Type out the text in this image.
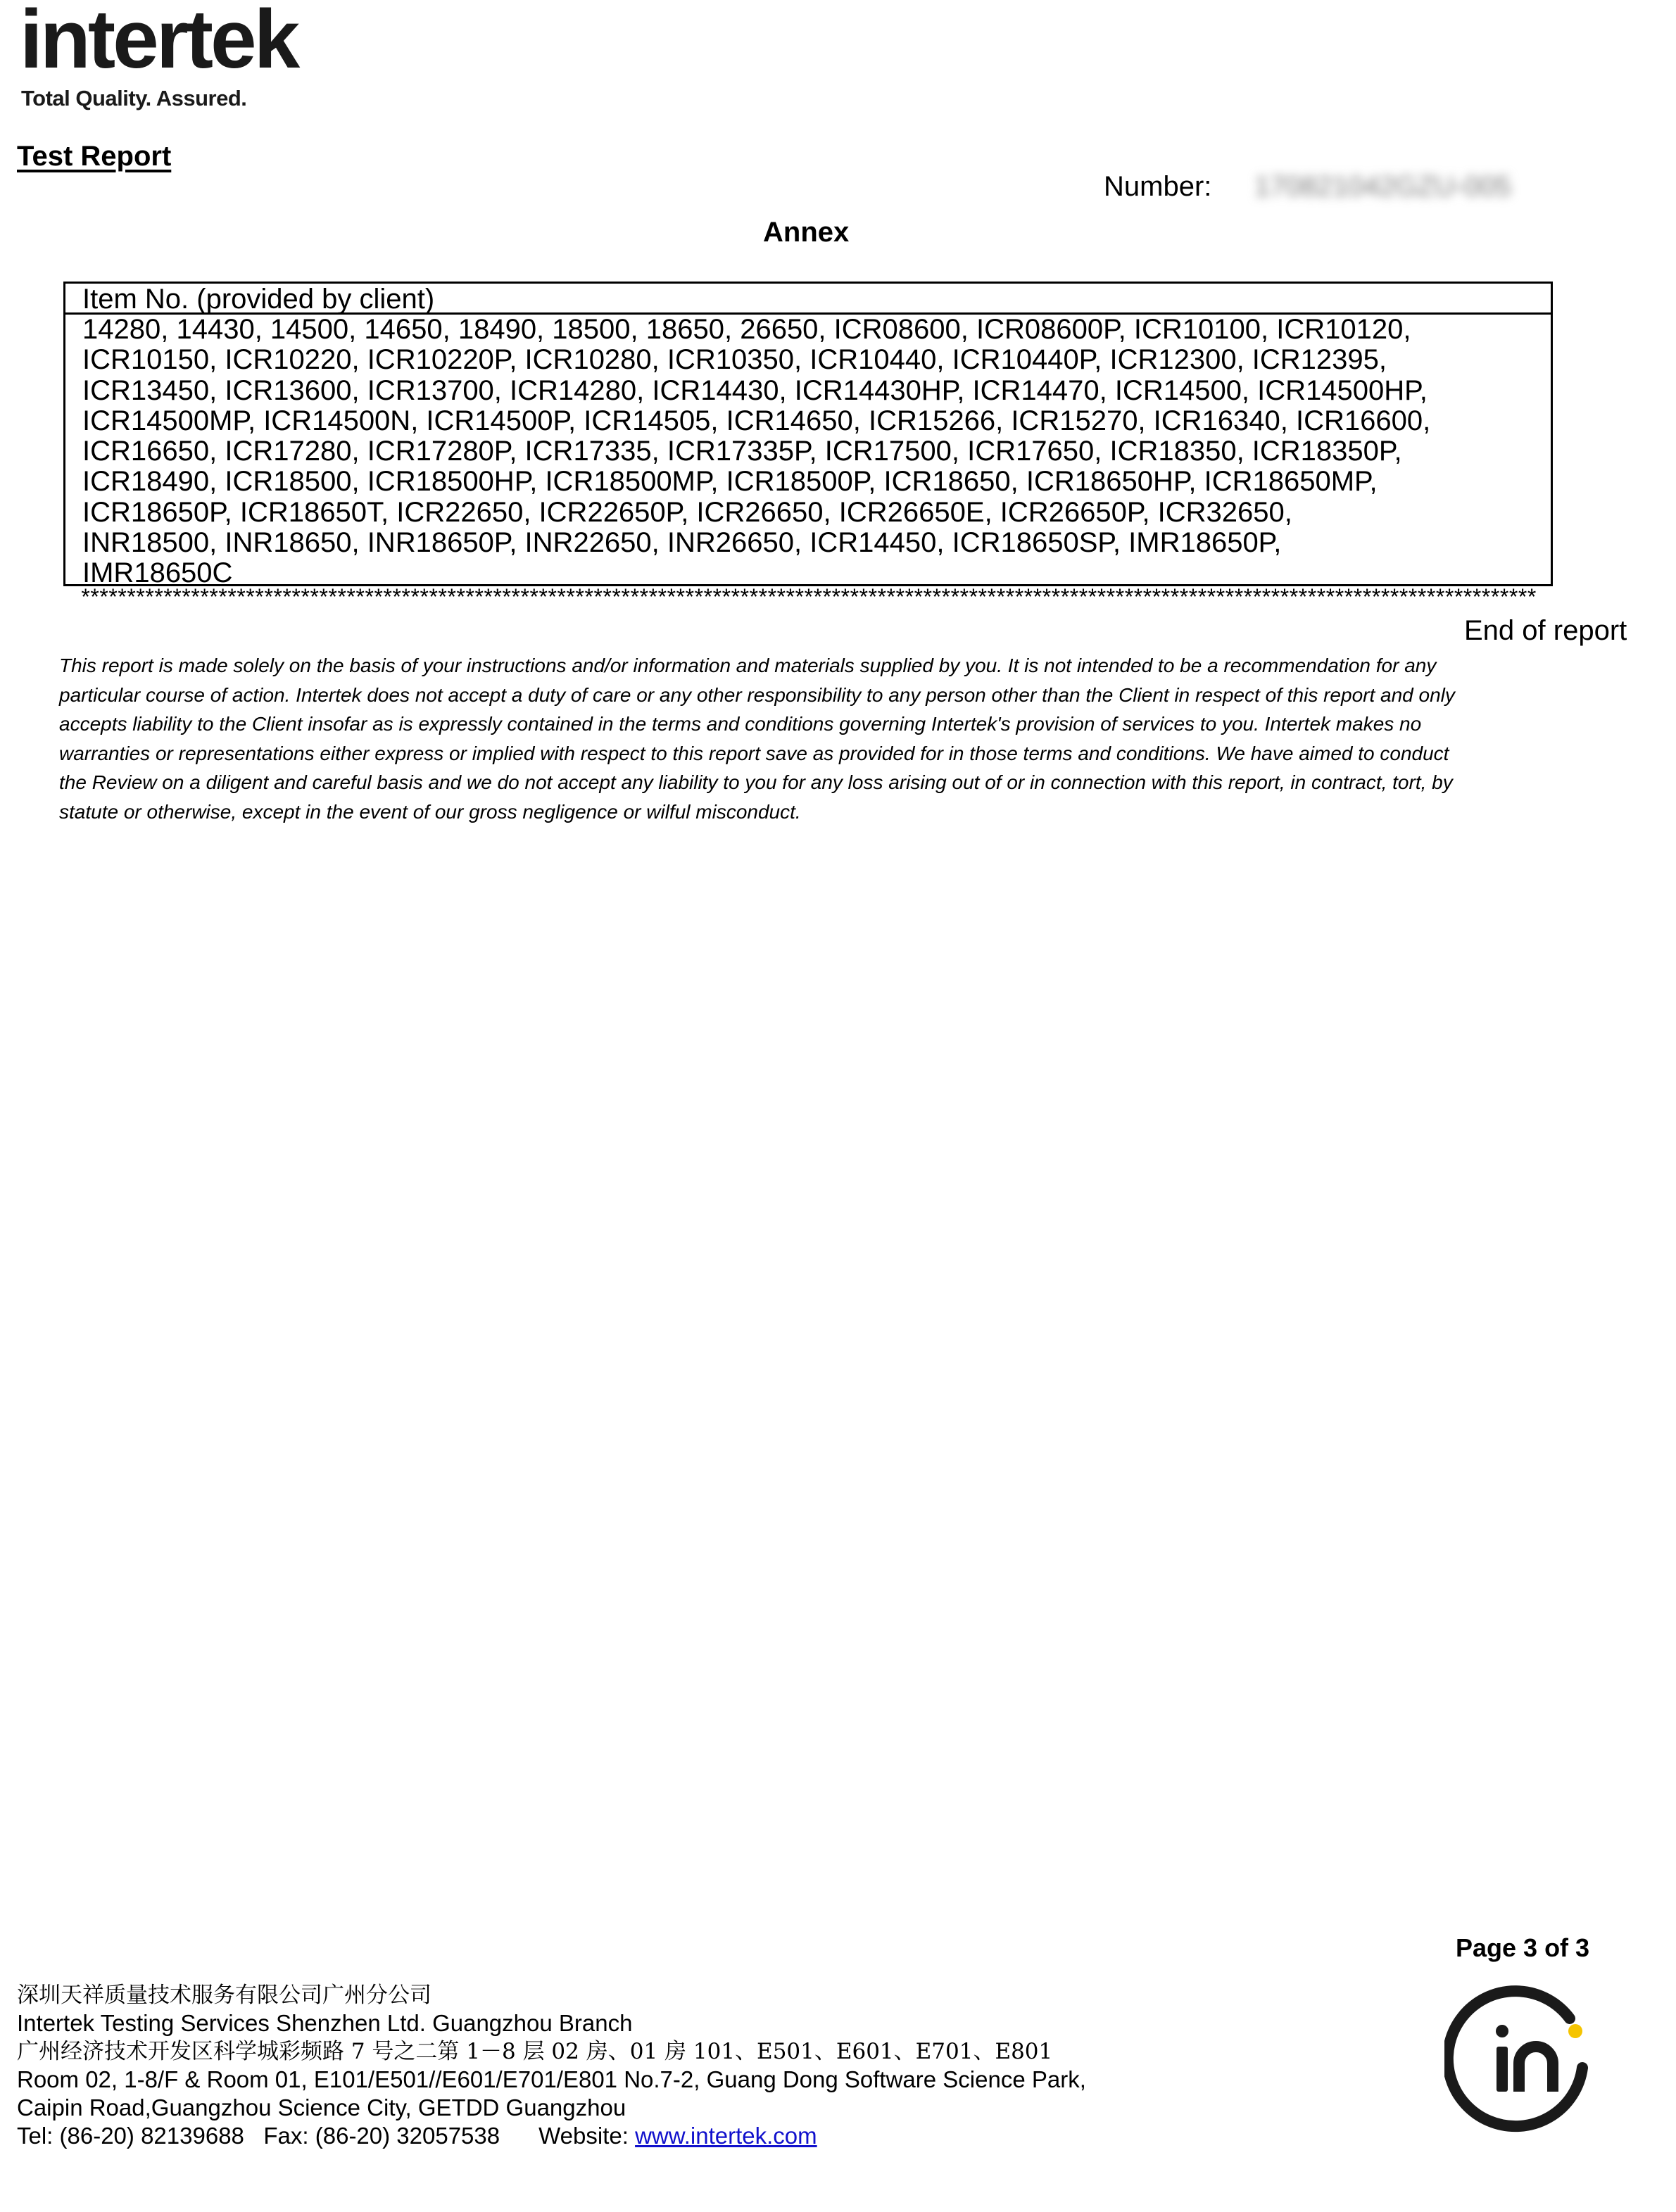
intertek
Total Quality. Assured.
Test Report
Number: 170821042GZU-005
Annex
Item No. (provided by client)
14280, 14430, 14500, 14650, 18490, 18500, 18650, 26650, ICR08600, ICR08600P, ICR10100, ICR10120,
ICR10150, ICR10220, ICR10220P, ICR10280, ICR10350, ICR10440, ICR10440P, ICR12300, ICR12395,
ICR13450, ICR13600, ICR13700, ICR14280, ICR14430, ICR14430HP, ICR14470, ICR14500, ICR14500HP,
ICR14500MP, ICR14500N, ICR14500P, ICR14505, ICR14650, ICR15266, ICR15270, ICR16340, ICR16600,
ICR16650, ICR17280, ICR17280P, ICR17335, ICR17335P, ICR17500, ICR17650, ICR18350, ICR18350P,
ICR18490, ICR18500, ICR18500HP, ICR18500MP, ICR18500P, ICR18650, ICR18650HP, ICR18650MP,
ICR18650P, ICR18650T, ICR22650, ICR22650P, ICR26650, ICR26650E, ICR26650P, ICR32650,
INR18500, INR18650, INR18650P, INR22650, INR26650, ICR14450, ICR18650SP, IMR18650P,
IMR18650C
***************************************************************************************************************************************************************
End of report
This report is made solely on the basis of your instructions and/or information and materials supplied by you. It is not intended to be a recommendation for any
particular course of action. Intertek does not accept a duty of care or any other responsibility to any person other than the Client in respect of this report and only
accepts liability to the Client insofar as is expressly contained in the terms and conditions governing Intertek's provision of services to you. Intertek makes no
warranties or representations either express or implied with respect to this report save as provided for in those terms and conditions. We have aimed to conduct
the Review on a diligent and careful basis and we do not accept any liability to you for any loss arising out of or in connection with this report, in contract, tort, by
statute or otherwise, except in the event of our gross negligence or wilful misconduct.
Page 3 of 3
深圳天祥质量技术服务有限公司广州分公司
Intertek Testing Services Shenzhen Ltd. Guangzhou Branch
广州经济技术开发区科学城彩频路 7 号之二第 1－8 层 02 房、01 房 101、E501、E601、E701、E801
Room 02, 1-8/F & Room 01, E101/E501//E601/E701/E801 No.7-2, Guang Dong Software Science Park,
Caipin Road,Guangzhou Science City, GETDD Guangzhou
Tel: (86-20) 82139688   Fax: (86-20) 32057538      Website: www.intertek.com
